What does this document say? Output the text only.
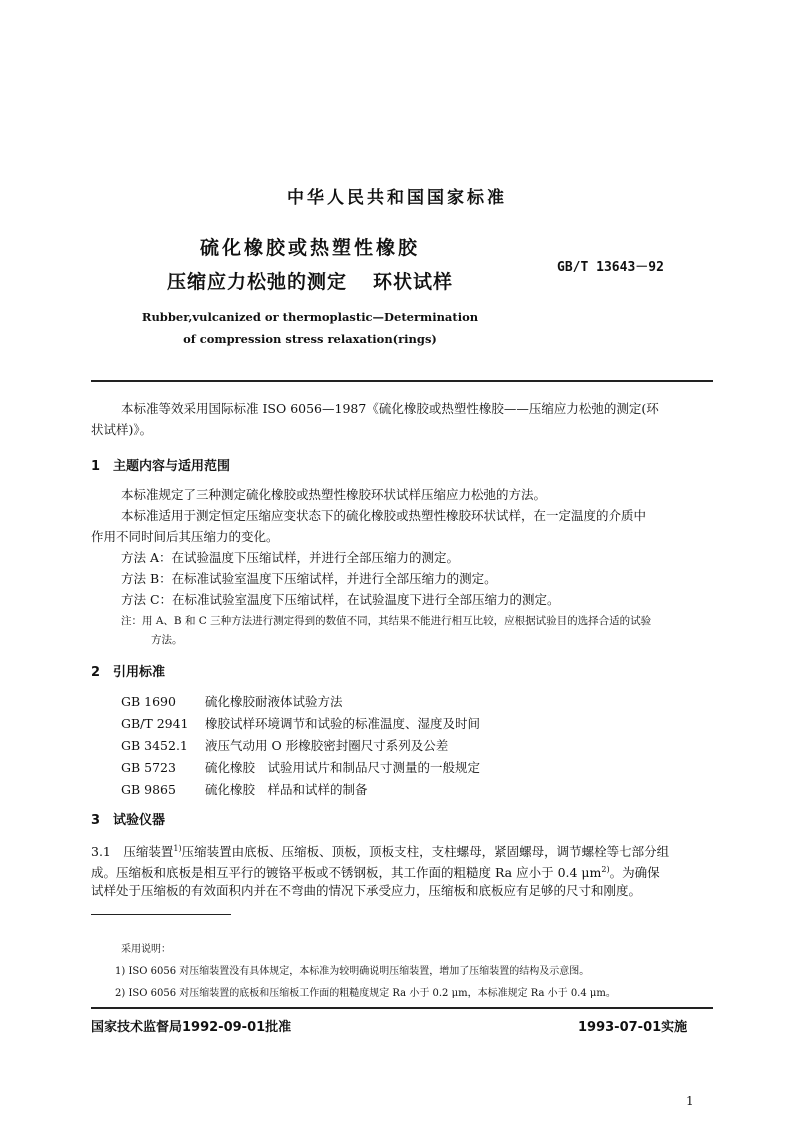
中华人民共和国国家标准
硫化橡胶或热塑性橡胶
压缩应力松弛的测定 环状试样
GB/T 13643－92
Rubber,vulcanized or thermoplastic—Determination
of compression stress relaxation(rings)
本标准等效采用国际标准 ISO 6056—1987《硫化橡胶或热塑性橡胶——压缩应力松弛的测定(环
状试样)》。
1　主题内容与适用范围
本标准规定了三种测定硫化橡胶或热塑性橡胶环状试样压缩应力松弛的方法。
本标准适用于测定恒定压缩应变状态下的硫化橡胶或热塑性橡胶环状试样，在一定温度的介质中
作用不同时间后其压缩力的变化。
方法 A：在试验温度下压缩试样，并进行全部压缩力的测定。
方法 B：在标准试验室温度下压缩试样，并进行全部压缩力的测定。
方法 C：在标准试验室温度下压缩试样，在试验温度下进行全部压缩力的测定。
注：用 A、B 和 C 三种方法进行测定得到的数值不同，其结果不能进行相互比较，应根据试验目的选择合适的试验
方法。
2　引用标准
GB 1690 硫化橡胶耐液体试验方法
GB/T 2941 橡胶试样环境调节和试验的标准温度、湿度及时间
GB 3452.1 液压气动用 O 形橡胶密封圈尺寸系列及公差
GB 5723 硫化橡胶　试验用试片和制品尺寸测量的一般规定
GB 9865 硫化橡胶　样品和试样的制备
3　试验仪器
3.1　 压缩装置$^{1)}$压缩装置由底板、压缩板、顶板，顶板支柱，支柱螺母，紧固螺母，调节螺栓等七部分组
成。压缩板和底板是相互平行的镀铬平板或不锈钢板，其工作面的粗糙度 Ra 应小于 0.4 $\mu m^{2)}$。为确保
试样处于压缩板的有效面积内并在不弯曲的情况下承受应力，压缩板和底板应有足够的尺寸和刚度。
采用说明：
1) ISO 6056 对压缩装置没有具体规定，本标准为较明确说明压缩装置，增加了压缩装置的结构及示意图。
2) ISO 6056 对压缩装置的底板和压缩板工作面的粗糙度规定 Ra 小于 0.2 μm，本标准规定 Ra 小于 0.4 μm。
国家技术监督局1992-09-01批准	1993-07-01实施
1
